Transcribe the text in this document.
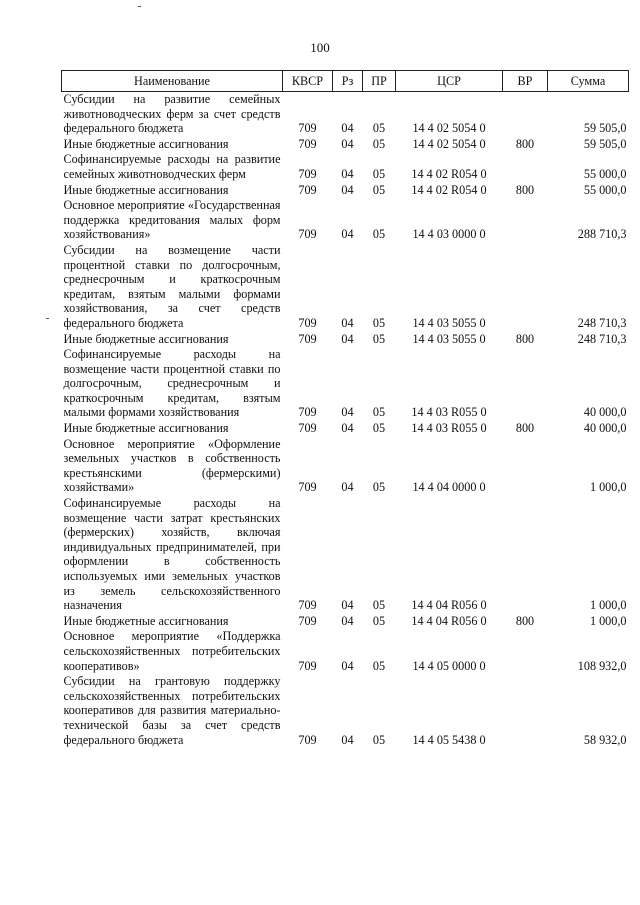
100
Наименование	КВСР	Рз	ПР	ЦСР	ВР	Сумма
Субсидии на развитие семейных животноводческих ферм за счет средств федерального бюджета	709	04	05	14 4 02 5054 0		59 505,0
Иные бюджетные ассигнования	709	04	05	14 4 02 5054 0	800	59 505,0
Софинансируемые расходы на развитие семейных животноводческих ферм	709	04	05	14 4 02 R054 0		55 000,0
Иные бюджетные ассигнования	709	04	05	14 4 02 R054 0	800	55 000,0
Основное мероприятие «Государственная поддержка кредитования малых форм хозяйствования»	709	04	05	14 4 03 0000 0		288 710,3
Субсидии на возмещение части процентной ставки по долгосрочным, среднесрочным и краткосрочным кредитам, взятым малыми формами хозяйствования, за счет средств федерального бюджета	709	04	05	14 4 03 5055 0		248 710,3
Иные бюджетные ассигнования	709	04	05	14 4 03 5055 0	800	248 710,3
Софинансируемые расходы на возмещение части процентной ставки по долгосрочным, среднесрочным и краткосрочным кредитам, взятым малыми формами хозяйствования	709	04	05	14 4 03 R055 0		40 000,0
Иные бюджетные ассигнования	709	04	05	14 4 03 R055 0	800	40 000,0
Основное мероприятие «Оформление земельных участков в собственность крестьянскими (фермерскими) хозяйствами»	709	04	05	14 4 04 0000 0		1 000,0
Софинансируемые расходы на возмещение части затрат крестьянских (фермерских) хозяйств, включая индивидуальных предпринимателей, при оформлении в собственность используемых ими земельных участков из земель сельскохозяйственного назначения	709	04	05	14 4 04 R056 0		1 000,0
Иные бюджетные ассигнования	709	04	05	14 4 04 R056 0	800	1 000,0
Основное мероприятие «Поддержка сельскохозяйственных потребительских кооперативов»	709	04	05	14 4 05 0000 0		108 932,0
Субсидии на грантовую поддержку сельскохозяйственных потребительских кооперативов для развития материально-технической базы за счет средств федерального бюджета	709	04	05	14 4 05 5438 0		58 932,0
